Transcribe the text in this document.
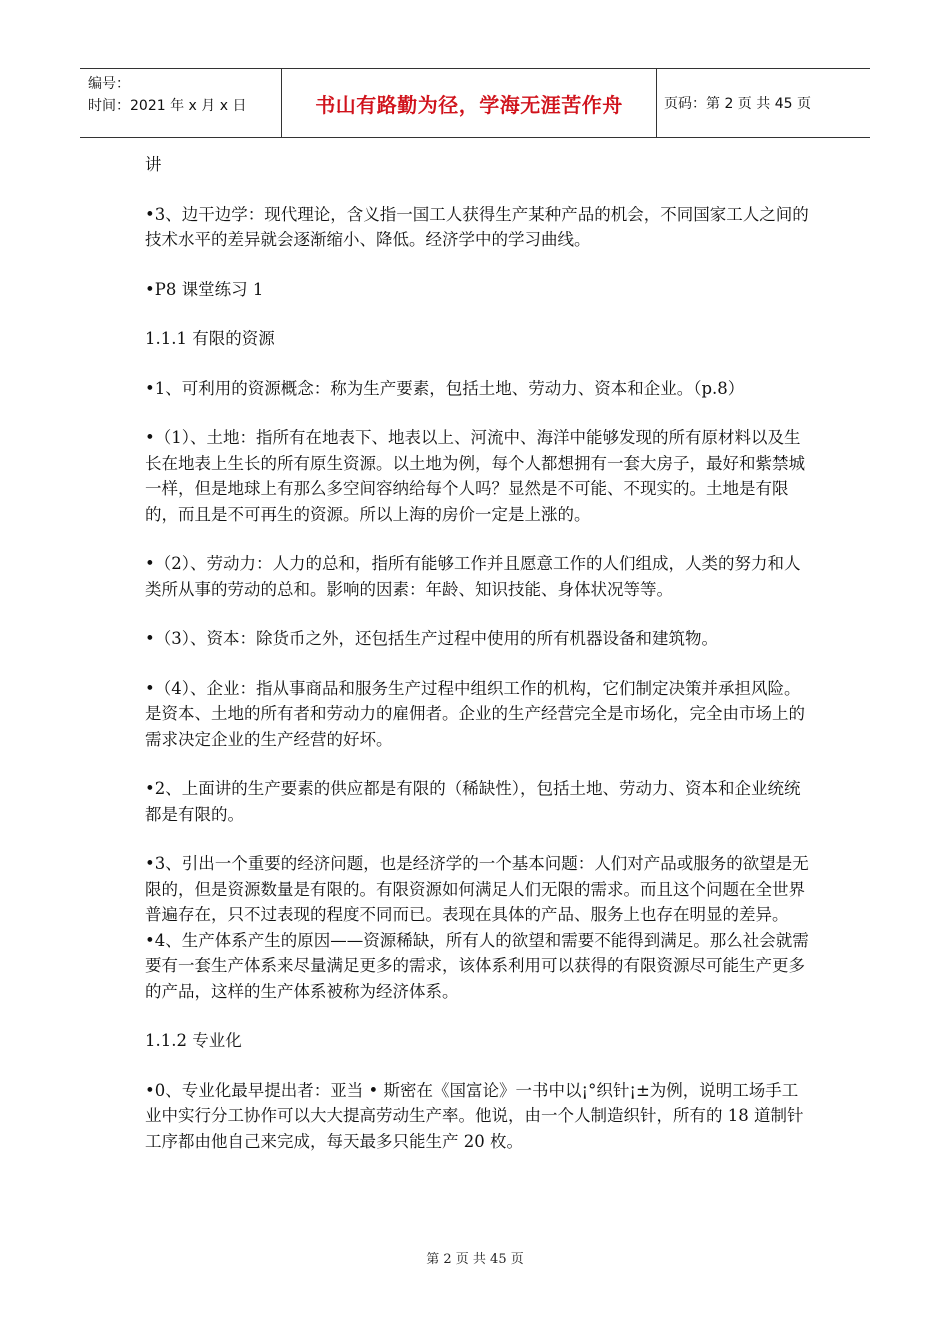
编号：
时间：2021 年 x 月 x 日	书山有路勤为径，学海无涯苦作舟	页码：第 2 页 共 45 页

讲

•3、边干边学：现代理论，含义指一国工人获得生产某种产品的机会，不同国家工人之间的技术水平的差异就会逐渐缩小、降低。经济学中的学习曲线。

•P8 课堂练习 1

1.1.1 有限的资源

•1、可利用的资源概念：称为生产要素，包括土地、劳动力、资本和企业。（p.8）

•（1）、土地：指所有在地表下、地表以上、河流中、海洋中能够发现的所有原材料以及生长在地表上生长的所有原生资源。以土地为例，每个人都想拥有一套大房子，最好和紫禁城一样，但是地球上有那么多空间容纳给每个人吗？显然是不可能、不现实的。土地是有限的，而且是不可再生的资源。所以上海的房价一定是上涨的。

•（2）、劳动力：人力的总和，指所有能够工作并且愿意工作的人们组成，人类的努力和人类所从事的劳动的总和。影响的因素：年龄、知识技能、身体状况等等。

•（3）、资本：除货币之外，还包括生产过程中使用的所有机器设备和建筑物。

•（4）、企业：指从事商品和服务生产过程中组织工作的机构，它们制定决策并承担风险。是资本、土地的所有者和劳动力的雇佣者。企业的生产经营完全是市场化，完全由市场上的需求决定企业的生产经营的好坏。

•2、上面讲的生产要素的供应都是有限的（稀缺性），包括土地、劳动力、资本和企业统统都是有限的。

•3、引出一个重要的经济问题，也是经济学的一个基本问题：人们对产品或服务的欲望是无限的，但是资源数量是有限的。有限资源如何满足人们无限的需求。而且这个问题在全世界普遍存在，只不过表现的程度不同而已。表现在具体的产品、服务上也存在明显的差异。 •4、生产体系产生的原因——资源稀缺，所有人的欲望和需要不能得到满足。那么社会就需要有一套生产体系来尽量满足更多的需求，该体系利用可以获得的有限资源尽可能生产更多的产品，这样的生产体系被称为经济体系。

1.1.2 专业化

•0、专业化最早提出者：亚当 • 斯密在《国富论》一书中以¡°织针¡±为例，说明工场手工业中实行分工协作可以大大提高劳动生产率。他说，由一个人制造织针，所有的 18 道制针工序都由他自己来完成，每天最多只能生产 20 枚。

第 2 页 共 45 页
